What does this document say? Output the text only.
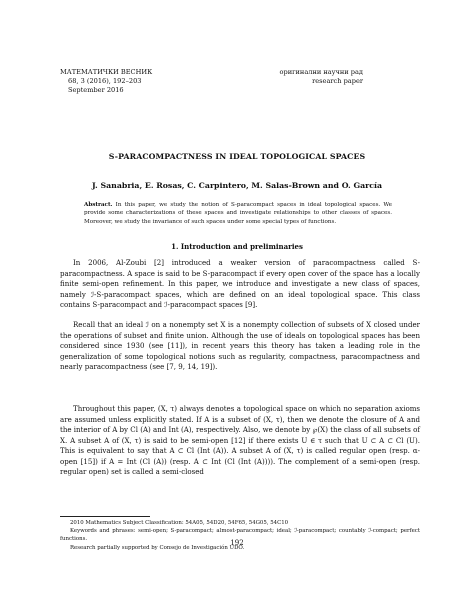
МАТЕМАТИЧКИ ВЕСНИК
68, 3 (2016), 192–203
September 2016
оригинални научни рад
research paper
S-PARACOMPACTNESS IN IDEAL TOPOLOGICAL SPACES
J. Sanabria, E. Rosas, C. Carpintero, M. Salas-Brown and O. García
Abstract. In this paper, we study the notion of S-paracompact spaces in ideal topological spaces. We provide some characterizations of these spaces and investigate relationships to other classes of spaces. Moreover, we study the invariance of such spaces under some special types of functions.
1. Introduction and preliminaries

In 2006, Al-Zoubi [2] introduced a weaker version of paracompactness called S-paracompactness. A space is said to be S-paracompact if every open cover of the space has a locally finite semi-open refinement. In this paper, we introduce and investigate a new class of spaces, namely ℐ-S-paracompact spaces, which are defined on an ideal topological space. This class contains S-paracompact and ℐ-paracompact spaces [9].

Recall that an ideal ℐ on a nonempty set X is a nonempty collection of subsets of X closed under the operations of subset and finite union. Although the use of ideals on topological spaces has been considered since 1930 (see [11]), in recent years this theory has taken a leading role in the generalization of some topological notions such as regularity, compactness, paracompactness and nearly paracompactness (see [7, 9, 14, 19]).

Throughout this paper, (X, τ) always denotes a topological space on which no separation axioms are assumed unless explicitly stated. If A is a subset of (X, τ), then we denote the closure of A and the interior of A by Cl (A) and Int (A), respectively. Also, we denote by ℘(X) the class of all subsets of X. A subset A of (X, τ) is said to be semi-open [12] if there exists U ∈ τ such that U ⊂ A ⊂ Cl (U). This is equivalent to say that A ⊂ Cl (Int (A)). A subset A of (X, τ) is called regular open (resp. α-open [15]) if A = Int (Cl (A)) (resp. A ⊂ Int (Cl (Int (A)))). The complement of a semi-open (resp. regular open) set is called a semi-closed

2010 Mathematics Subject Classification: 54A05, 54D20, 54F65, 54G05, 54C10
Keywords and phrases: semi-open; S-paracompact; almost-paracompact; ideal; ℐ-paracompact; countably ℐ-compact; perfect functions.
Research partially supported by Consejo de Investigación UDO.
192
